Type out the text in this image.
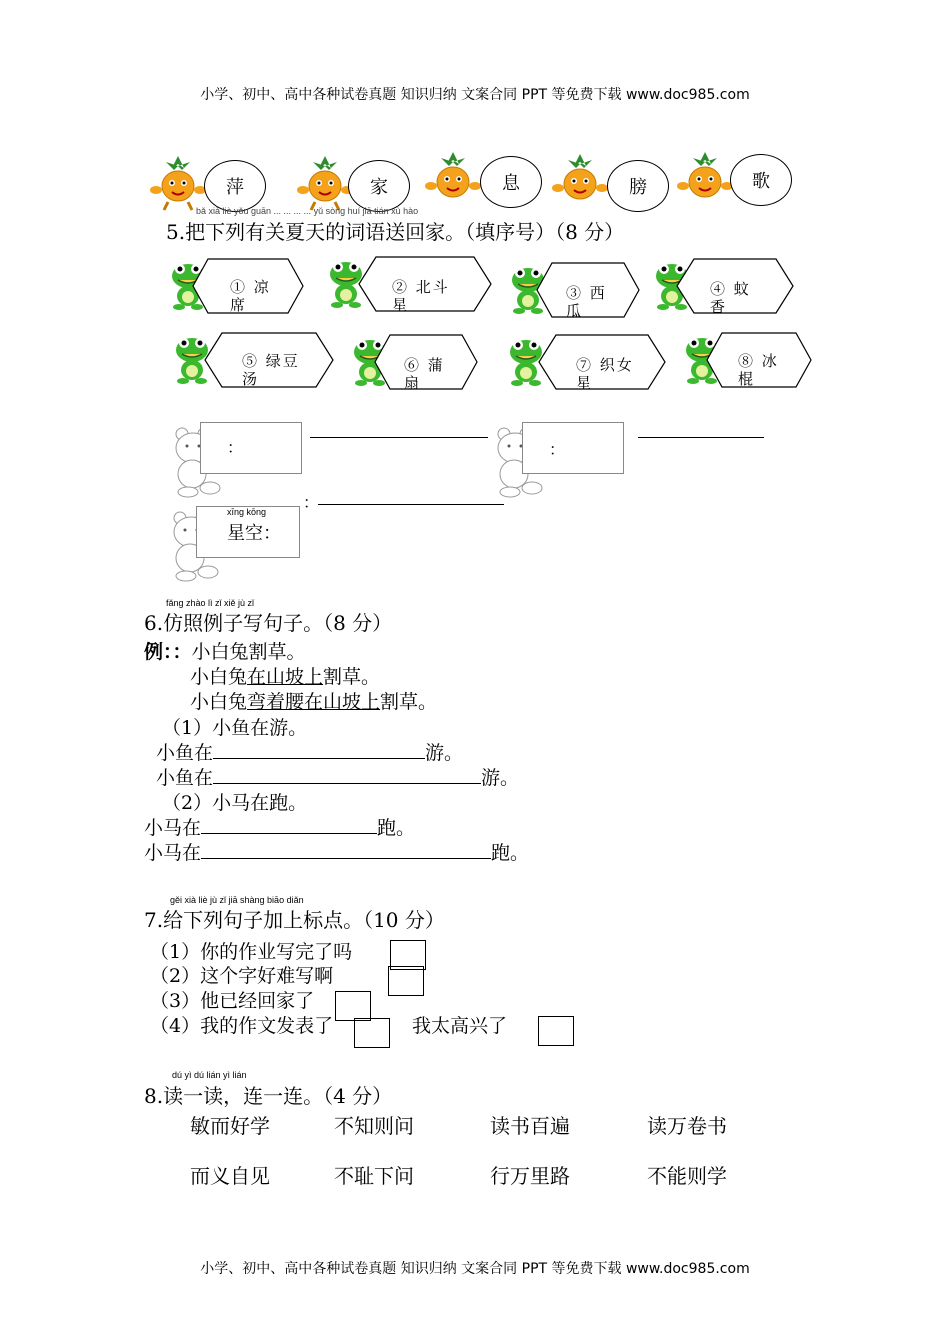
小学、初中、高中各种试卷真题 知识归纳 文案合同 PPT 等免费下载 www.doc985.com
小学、初中、高中各种试卷真题 知识归纳 文案合同 PPT 等免费下载 www.doc985.com
萍	家	息	膀	歌
bǎ xià liè yǒu guān ... ... ... ... yǔ sòng huí jiā tián xù hào
5.把下列有关夏天的词语送回家。（填序号）（8 分）
① 凉席
② 北斗星
③ 西瓜
④ 蚊香
⑤ 绿豆汤
⑥ 蒲扇
⑦ 织女星
⑧ 冰棍
：	：
xīng kōng
星空：
：
fǎng zhào lì zǐ xiě jù zǐ
6.仿照例子写句子。（8 分）
例：：小白兔割草。
小白兔在山坡上割草。
小白兔弯着腰在山坡上割草。
（1）小鱼在游。
小鱼在	游。
小鱼在	游。
（2）小马在跑。
小马在	跑。
小马在	跑。
gěi xià liè jù zǐ jiā shàng biāo diǎn
7.给下列句子加上标点。（10 分）
（1）你的作业写完了吗
（2）这个字好难写啊
（3）他已经回家了
（4）我的作文发表了	我太高兴了
dú yì dú lián yì lián
8.读一读，连一连。（4 分）
敏而好学	不知则问	读书百遍	读万卷书
而义自见	不耻下问	行万里路	不能则学
